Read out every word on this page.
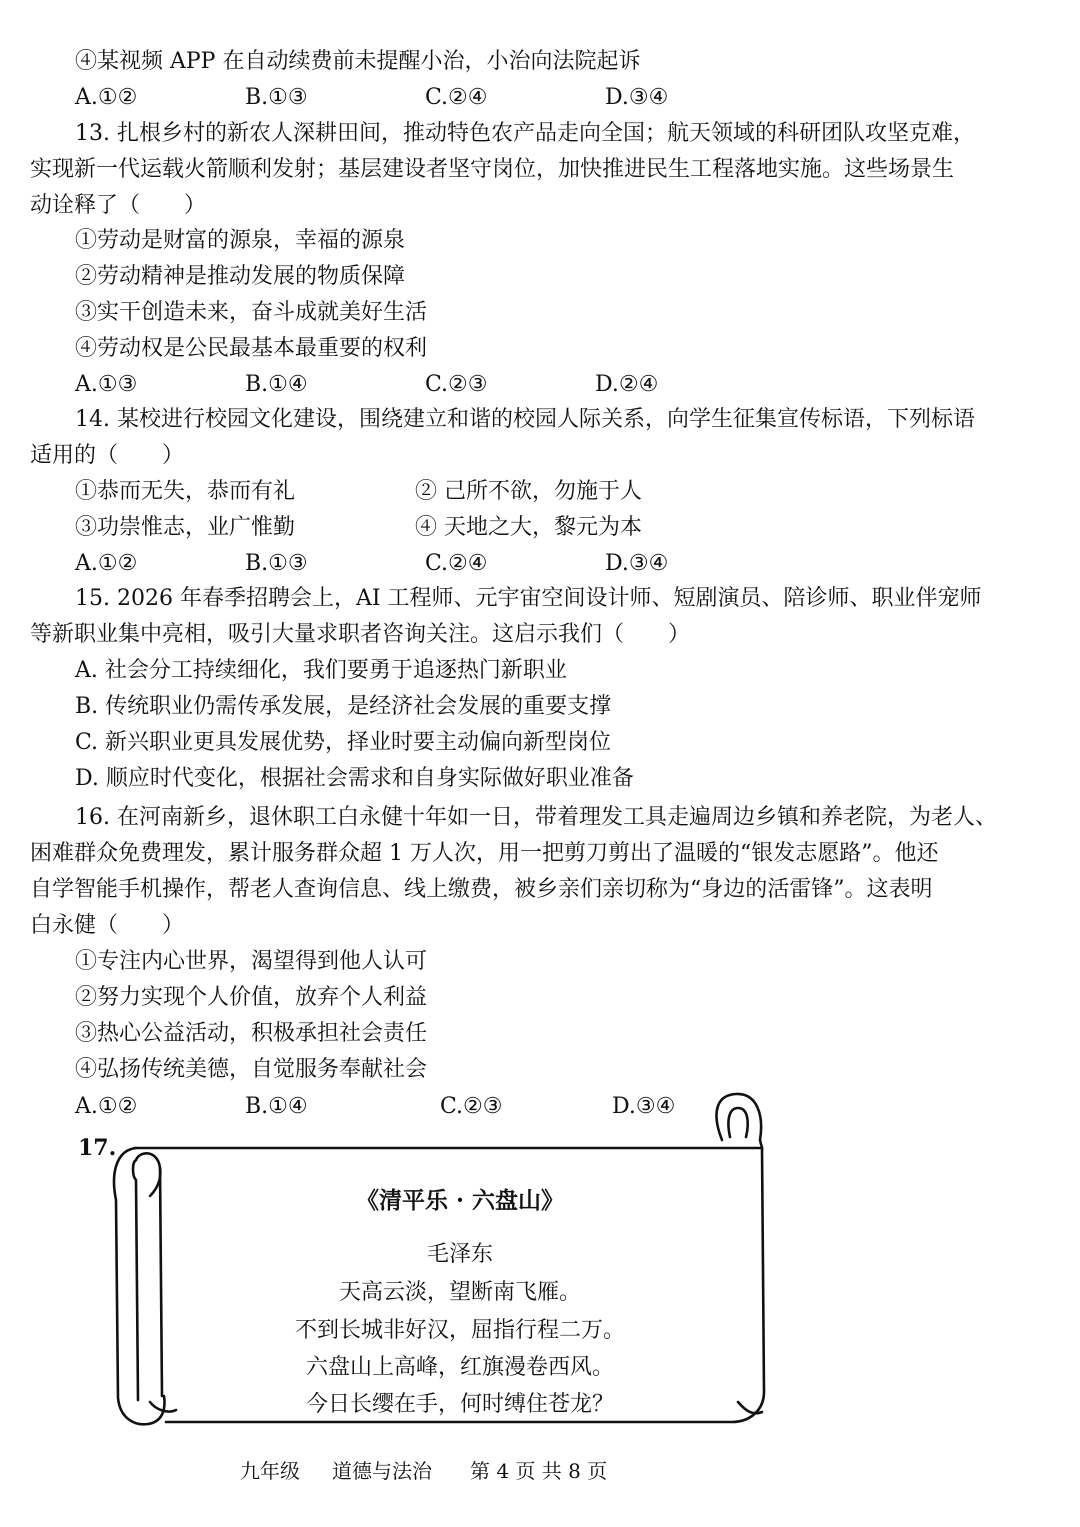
④某视频 APP 在自动续费前未提醒小治，小治向法院起诉
A.①②	B.①③	C.②④	D.③④
13. 扎根乡村的新农人深耕田间，推动特色农产品走向全国；航天领域的科研团队攻坚克难，
实现新一代运载火箭顺利发射；基层建设者坚守岗位，加快推进民生工程落地实施。这些场景生
动诠释了（　　）
①劳动是财富的源泉，幸福的源泉
②劳动精神是推动发展的物质保障
③实干创造未来，奋斗成就美好生活
④劳动权是公民最基本最重要的权利
A.①③	B.①④	C.②③	D.②④
14. 某校进行校园文化建设，围绕建立和谐的校园人际关系，向学生征集宣传标语，下列标语
适用的（　　）
①恭而无失，恭而有礼	② 己所不欲，勿施于人
③功崇惟志，业广惟勤	④ 天地之大，黎元为本
A.①②	B.①③	C.②④	D.③④
15. 2026 年春季招聘会上，AI 工程师、元宇宙空间设计师、短剧演员、陪诊师、职业伴宠师
等新职业集中亮相，吸引大量求职者咨询关注。这启示我们（　　）
A. 社会分工持续细化，我们要勇于追逐热门新职业
B. 传统职业仍需传承发展，是经济社会发展的重要支撑
C. 新兴职业更具发展优势，择业时要主动偏向新型岗位
D. 顺应时代变化，根据社会需求和自身实际做好职业准备
16. 在河南新乡，退休职工白永健十年如一日，带着理发工具走遍周边乡镇和养老院，为老人、
困难群众免费理发，累计服务群众超 1 万人次，用一把剪刀剪出了温暖的“银发志愿路”。他还
自学智能手机操作，帮老人查询信息、线上缴费，被乡亲们亲切称为“身边的活雷锋”。这表明
白永健（　　）
①专注内心世界，渴望得到他人认可
②努力实现个人价值，放弃个人利益
③热心公益活动，积极承担社会责任
④弘扬传统美德，自觉服务奉献社会
A.①②	B.①④	C.②③	D.③④
17.
《清平乐 · 六盘山》
毛泽东
天高云淡，望断南飞雁。
不到长城非好汉，屈指行程二万。
六盘山上高峰，红旗漫卷西风。
今日长缨在手，何时缚住苍龙？
九年级 道德与法治 第 4 页 共 8 页
